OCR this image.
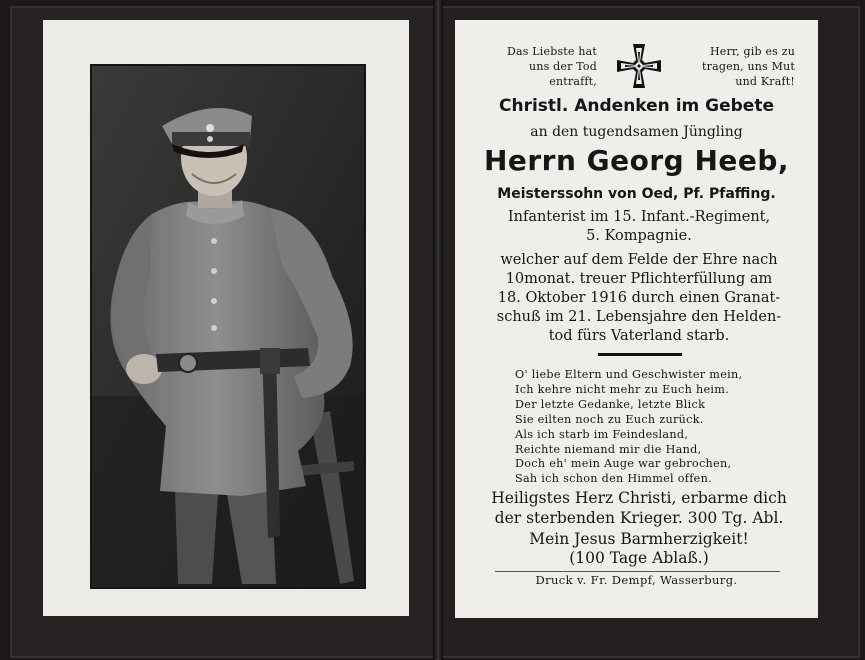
Das Liebste hat
uns der Tod
entrafft,
Herr, gib es zu
tragen, uns Mut
und Kraft!
Christl. Andenken im Gebete
an den tugendsamen Jüngling
Herrn Georg Heeb,
Meisterssohn von Oed, Pf. Pfaffing.
Infanterist im 15. Infant.-Regiment,
5. Kompagnie.
welcher auf dem Felde der Ehre nach
10monat. treuer Pflichterfüllung am
18. Oktober 1916 durch einen Granat-
schuß im 21. Lebensjahre den Helden-
tod fürs Vaterland starb.
O' liebe Eltern und Geschwister mein,
Ich kehre nicht mehr zu Euch heim.
Der letzte Gedanke, letzte Blick
Sie eilten noch zu Euch zurück.
Als ich starb im Feindesland,
Reichte niemand mir die Hand,
Doch eh' mein Auge war gebrochen,
Sah ich schon den Himmel offen.
Heiligstes Herz Christi, erbarme dich
der sterbenden Krieger. 300 Tg. Abl.
Mein Jesus Barmherzigkeit!
(100 Tage Ablaß.)
Druck v. Fr. Dempf, Wasserburg.
